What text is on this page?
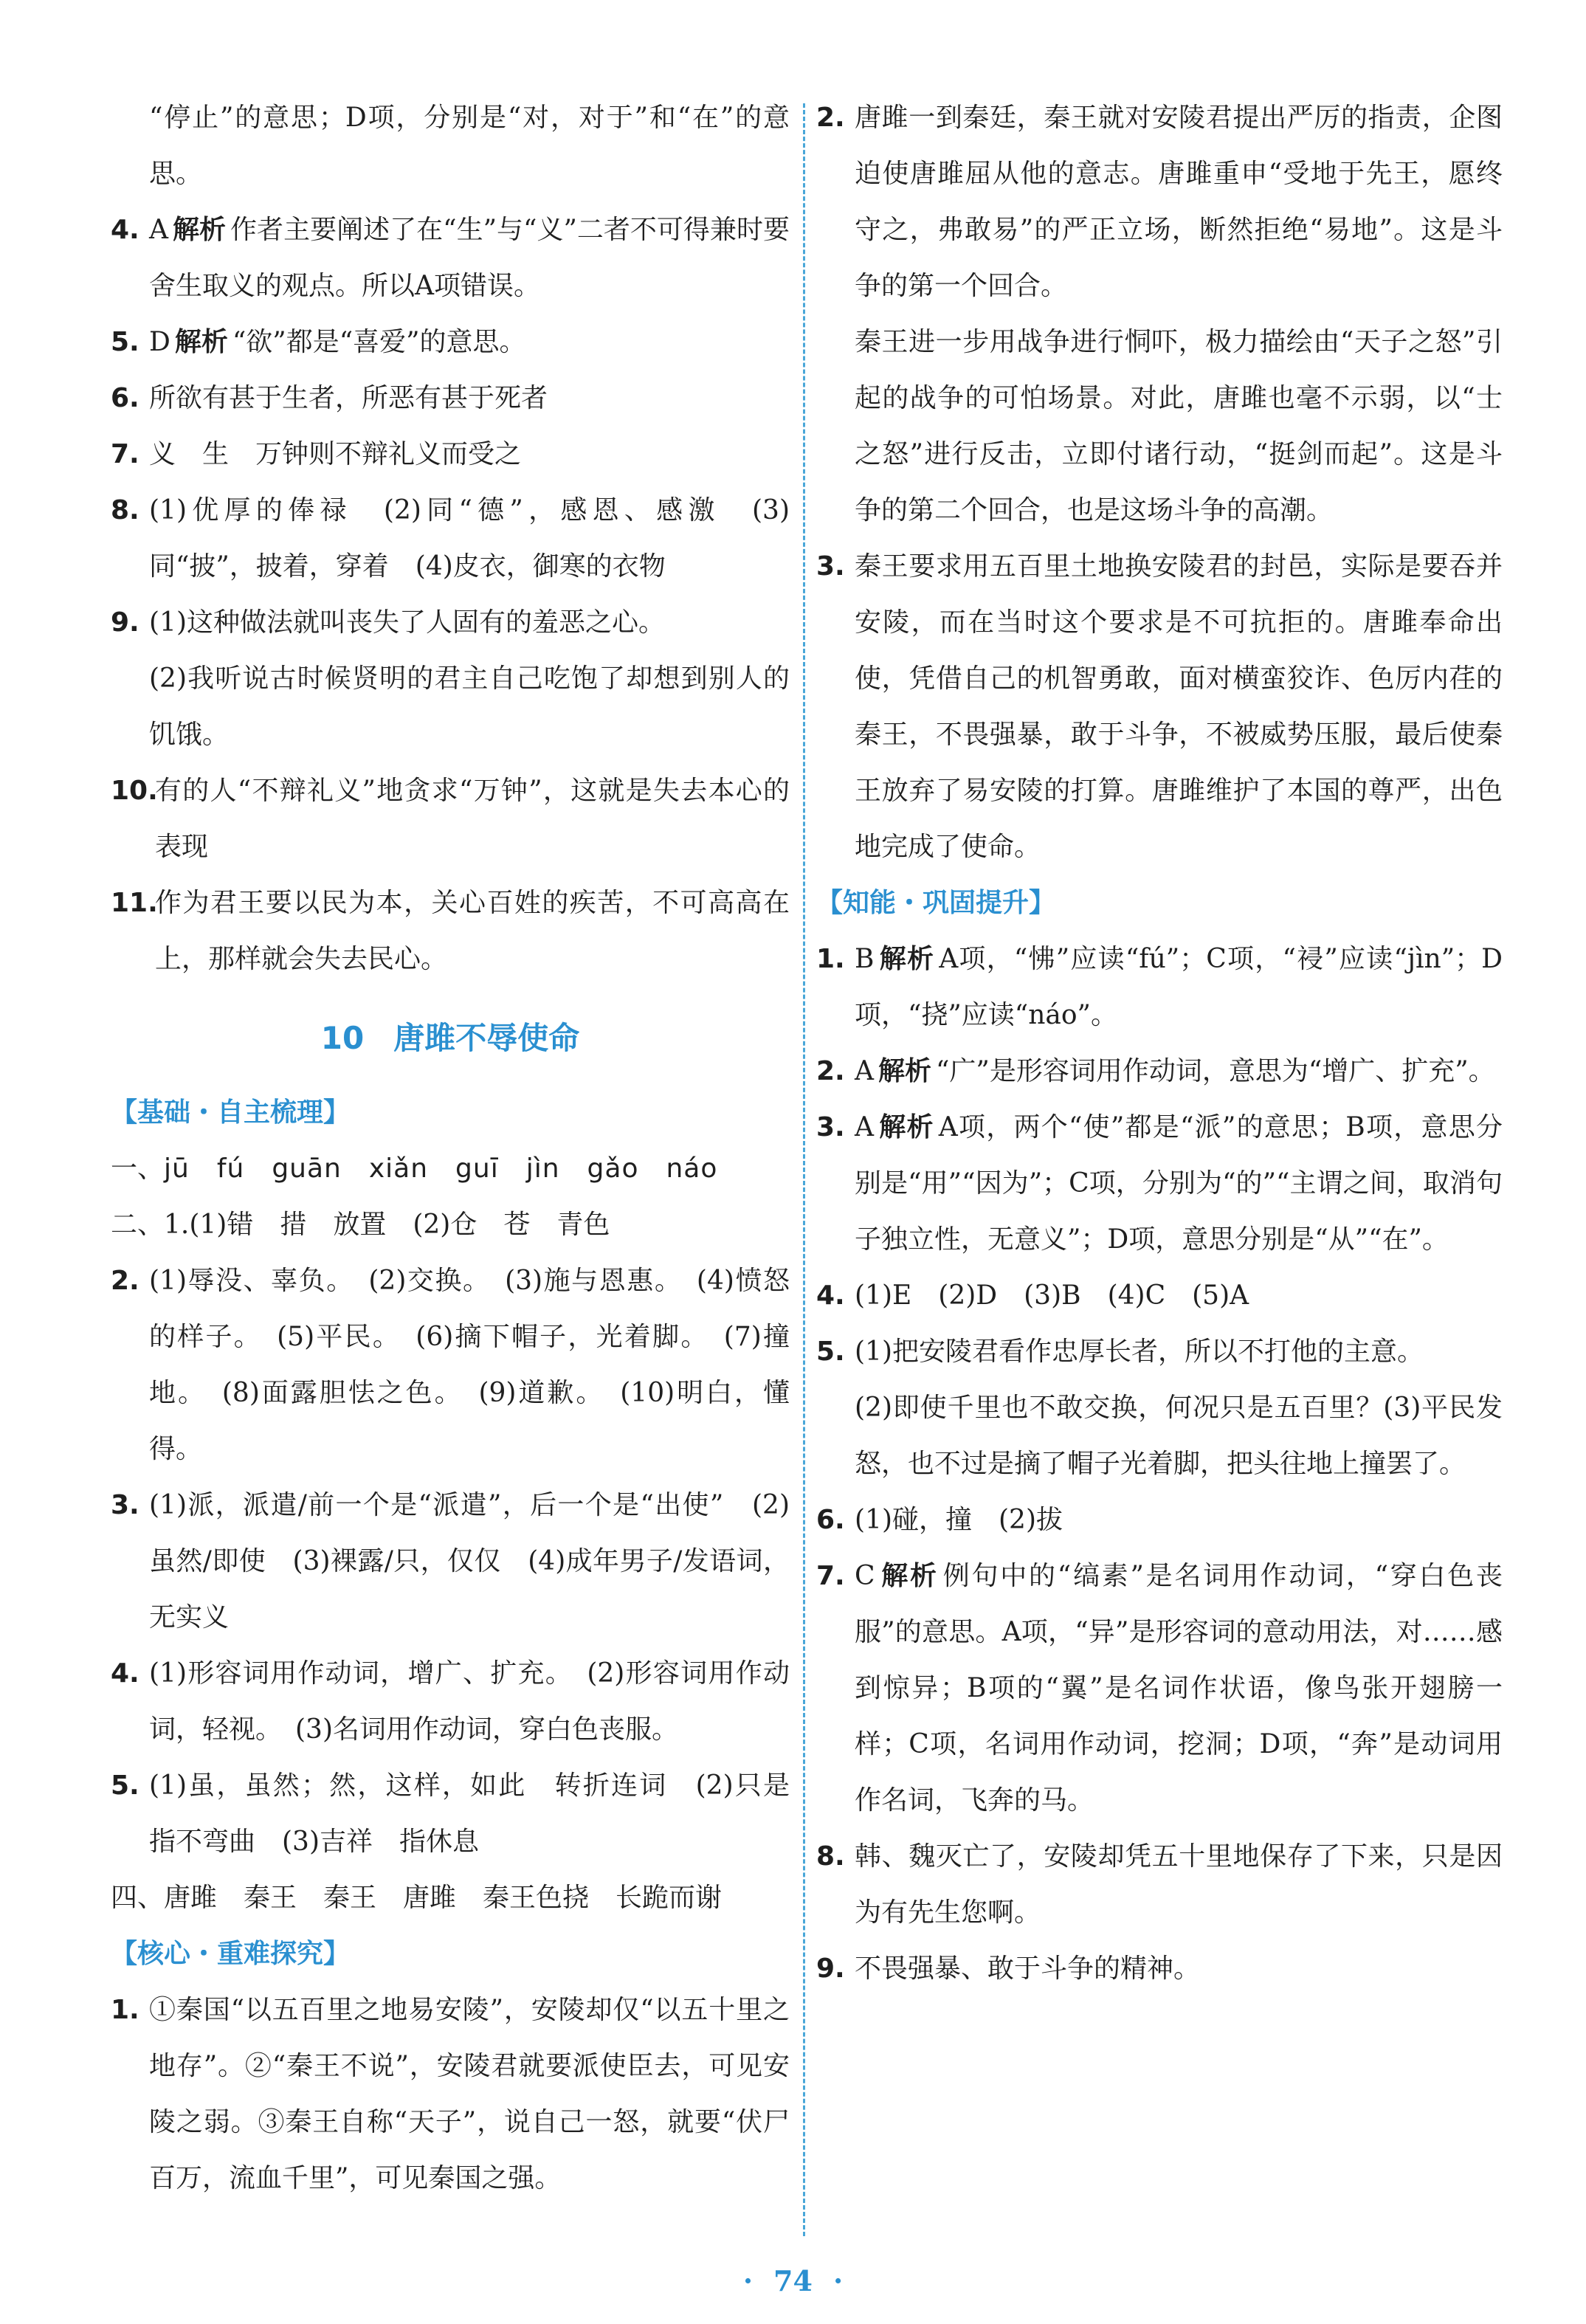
“停止”的意思；D项，分别是“对，对于”和“在”的意思。

4. A 解析 作者主要阐述了在“生”与“义”二者不可得兼时要舍生取义的观点。所以A项错误。

5. D 解析 “欲”都是“喜爱”的意思。

6. 所欲有甚于生者，所恶有甚于死者

7. 义　生　万钟则不辩礼义而受之

8. (1)优厚的俸禄　(2)同“德”，感恩、感激　(3)同“披”，披着，穿着　(4)皮衣，御寒的衣物

9. (1)这种做法就叫丧失了人固有的羞恶之心。

(2)我听说古时候贤明的君主自己吃饱了却想到别人的饥饿。

10.
有的人“不辩礼义”地贪求“万钟”，这就是失去本心的表现

11.
作为君王要以民为本，关心百姓的疾苦，不可高高在上，那样就会失去民心。

10 唐雎不辱使命

【基础・自主梳理】

一、jū　fú　guān　xiǎn　guī　jìn　gǎo　náo

二、1.(1)错　措　放置　(2)仓　苍　青色

2. (1)辱没、辜负。　(2)交换。　(3)施与恩惠。　(4)愤怒的样子。　(5)平民。　(6)摘下帽子，光着脚。　(7)撞地。　(8)面露胆怯之色。　(9)道歉。　(10)明白，懂得。

3. (1)派，派遣/前一个是“派遣”，后一个是“出使”　(2)虽然/即使　(3)裸露/只，仅仅　(4)成年男子/发语词，无实义

4. (1)形容词用作动词，增广、扩充。　(2)形容词用作动词，轻视。　(3)名词用作动词，穿白色丧服。

5. (1)虽，虽然；然，这样，如此　转折连词　(2)只是　指不弯曲　(3)吉祥　指休息

四、唐雎　秦王　秦王　唐雎　秦王色挠　长跪而谢

【核心・重难探究】

1. ①秦国“以五百里之地易安陵”，安陵却仅“以五十里之地存”。②“秦王不说”，安陵君就要派使臣去，可见安陵之弱。③秦王自称“天子”，说自己一怒，就要“伏尸百万，流血千里”，可见秦国之强。

2. 唐雎一到秦廷，秦王就对安陵君提出严厉的指责，企图迫使唐雎屈从他的意志。唐雎重申“受地于先王，愿终守之，弗敢易”的严正立场，断然拒绝“易地”。这是斗争的第一个回合。

秦王进一步用战争进行恫吓，极力描绘由“天子之怒”引起的战争的可怕场景。对此，唐雎也毫不示弱，以“士之怒”进行反击，立即付诸行动，“挺剑而起”。这是斗争的第二个回合，也是这场斗争的高潮。

3. 秦王要求用五百里土地换安陵君的封邑，实际是要吞并安陵，而在当时这个要求是不可抗拒的。唐雎奉命出使，凭借自己的机智勇敢，面对横蛮狡诈、色厉内荏的秦王，不畏强暴，敢于斗争，不被威势压服，最后使秦王放弃了易安陵的打算。唐雎维护了本国的尊严，出色地完成了使命。

【知能・巩固提升】

1. B 解析 A项，“怫”应读“fú”；C项，“祲”应读“jìn”；D项，“挠”应读“náo”。

2. A 解析 “广”是形容词用作动词，意思为“增广、扩充”。

3. A 解析 A项，两个“使”都是“派”的意思；B项，意思分别是“用”“因为”；C项，分别为“的”“主谓之间，取消句子独立性，无意义”；D项，意思分别是“从”“在”。

4. (1)E　(2)D　(3)B　(4)C　(5)A

5. (1)把安陵君看作忠厚长者，所以不打他的主意。

(2)即使千里也不敢交换，何况只是五百里？(3)平民发怒，也不过是摘了帽子光着脚，把头往地上撞罢了。

6. (1)碰，撞　(2)拔

7. C 解析 例句中的“缟素”是名词用作动词，“穿白色丧服”的意思。A项，“异”是形容词的意动用法，对……感到惊异；B项的“翼”是名词作状语，像鸟张开翅膀一样；C项，名词用作动词，挖洞；D项，“奔”是动词用作名词，飞奔的马。

8. 韩、魏灭亡了，安陵却凭五十里地保存了下来，只是因为有先生您啊。

9. 不畏强暴、敢于斗争的精神。

· 74 ·
